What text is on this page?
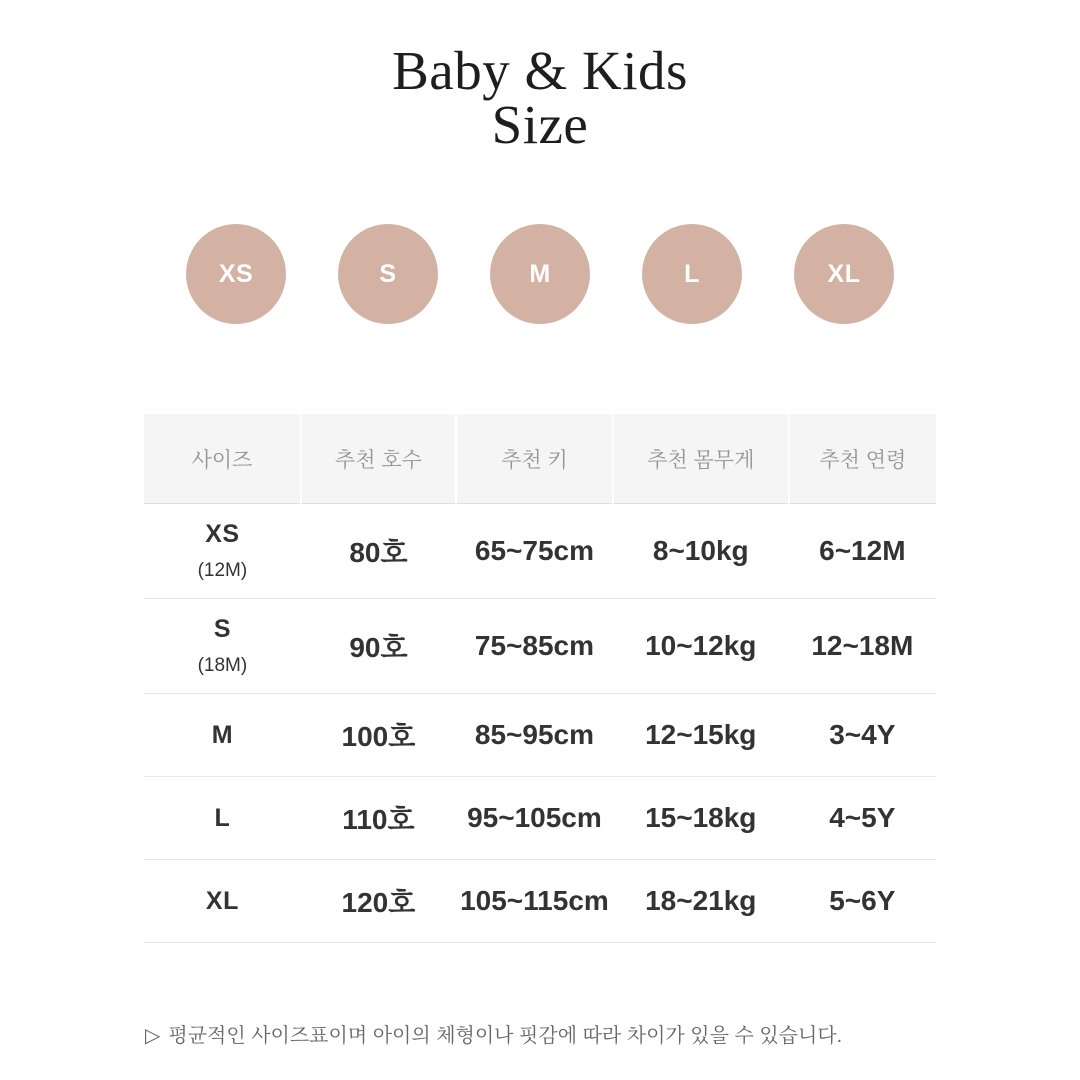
Baby & Kids
Size
XS	S	M	L	XL
사이즈	추천 호수	추천 키	추천 몸무게	추천 연령

XS
(12M)	80호	65~75cm	8~10kg	6~12M

S
(18M)	90호	75~85cm	10~12kg	12~18M

M	100호	85~95cm	12~15kg	3~4Y

L	110호	95~105cm	15~18kg	4~5Y

XL	120호	105~115cm	18~21kg	5~6Y

▷ 평균적인 사이즈표이며 아이의 체형이나 핏감에 따라 차이가 있을 수 있습니다.
